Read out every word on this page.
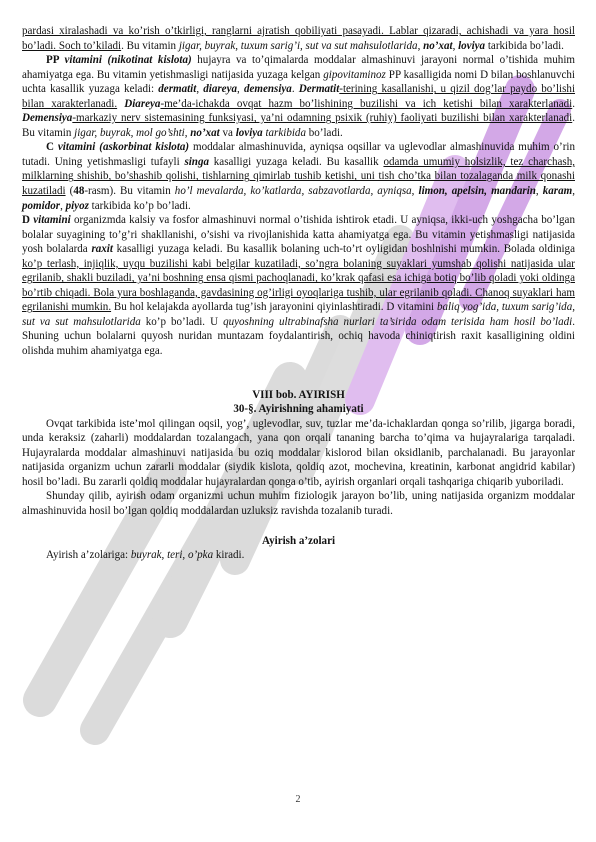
pardasi xiralashadi va ko’rish o’tkirligi, ranglarni ajratish qobiliyati pasayadi. Lablar qizaradi, achishadi va yara hosil bo’ladi. Soch to’kiladi. Bu vitamin jigar, buyrak, tuxum sarig’i, sut va sut mahsulotlarida, no’xat, loviya tarkibida bo’ladi.

PP vitamini (nikotinat kislota) hujayra va to’qimalarda moddalar almashinuvi jarayoni normal o’tishida muhim ahamiyatga ega. Bu vitamin yetishmasligi natijasida yuzaga kelgan gipovitaminoz PP kasalligida nomi D bilan boshlanuvchi uchta kasallik yuzaga keladi: dermatit, diareya, demensiya. Dermatit-terining kasallanishi, u qizil dog’lar paydo bo’lishi bilan xarakterlanadi. Diareya-me’da-ichakda ovqat hazm bo’lishining buzilishi va ich ketishi bilan xarakterlanadi. Demensiya-markaziy nerv sistemasining funksiyasi, ya’ni odamning psixik (ruhiy) faoliyati buzilishi bilan xarakterlanadi. Bu vitamin jigar, buyrak, mol go’shti, no’xat va loviya tarkibida bo’ladi.

C vitamini (askorbinat kislota) moddalar almashinuvida, ayniqsa oqsillar va uglevodlar almashinuvida muhim o’rin tutadi. Uning yetishmasligi tufayli singa kasalligi yuzaga keladi. Bu kasallik odamda umumiy holsizlik, tez charchash, milklarning shishib, bo’shashib qolishi, tishlarning qimirlab tushib ketishi, uni tish cho’tka bilan tozalaganda milk qonashi kuzatiladi (48-rasm). Bu vitamin ho’l mevalarda, ko’katlarda, sabzavotlarda, ayniqsa, limon, apelsin, mandarin, karam, pomidor, piyoz tarkibida ko’p bo’ladi.

D vitamini organizmda kalsiy va fosfor almashinuvi normal o’tishida ishtirok etadi. U ayniqsa, ikki-uch yoshgacha bo’lgan bolalar suyagining to’g’ri shakllanishi, o’sishi va rivojlanishida katta ahamiyatga ega. Bu vitamin yetishmasligi natijasida yosh bolalarda raxit kasalligi yuzaga keladi. Bu kasallik bolaning uch-to’rt oyligidan boshlnishi mumkin. Bolada oldiniga ko’p terlash, injiqlik, uyqu buzilishi kabi belgilar kuzatiladi, so’ngra bolaning suyaklari yumshab qolishi natijasida ular egrilanib, shakli buziladi, ya’ni boshning ensa qismi pachoqlanadi, ko’krak qafasi esa ichiga botiq bo’lib qoladi yoki oldinga bo’rtib chiqadi. Bola yura boshlaganda, gavdasining og’irligi oyoqlariga tushib, ular egrilanib qoladi. Chanoq suyaklari ham egrilanishi mumkin. Bu hol kelajakda ayollarda tug’ish jarayonini qiyinlashtiradi. D vitamini baliq yog’ida, tuxum sarig’ida, sut va sut mahsulotlarida ko’p bo’ladi. U quyoshning ultrabinafsha nurlari ta’sirida odam terisida ham hosil bo’ladi. Shuning uchun bolalarni quyosh nuridan muntazam foydalantirish, ochiq havoda chiniqtirish raxit kasalligining oldini olishda muhim ahamiyatga ega.

VIII bob. AYIRISH

30-§. Ayirishning ahamiyati

Ovqat tarkibida iste’mol qilingan oqsil, yog’, uglevodlar, suv, tuzlar me’da-ichaklardan qonga so’rilib, jigarga boradi, unda keraksiz (zaharli) moddalardan tozalangach, yana qon orqali tananing barcha to’qima va hujayralariga tarqaladi. Hujayralarda moddalar almashinuvi natijasida bu oziq moddalar kislorod bilan oksidlanib, parchalanadi. Bu jarayonlar natijasida organizm uchun zararli moddalar (siydik kislota, qoldiq azot, mochevina, kreatinin, karbonat angidrid kabilar) hosil bo’ladi. Bu zararli qoldiq moddalar hujayralardan qonga o’tib, ayirish organlari orqali tashqariga chiqarib yuboriladi.

Shunday qilib, ayirish odam organizmi uchun muhim fiziologik jarayon bo’lib, uning natijasida organizm moddalar almashinuvida hosil bo’lgan qoldiq moddalardan uzluksiz ravishda tozalanib turadi.

Ayirish a’zolari

Ayirish a’zolariga: buyrak, teri, o’pka kiradi.

2
